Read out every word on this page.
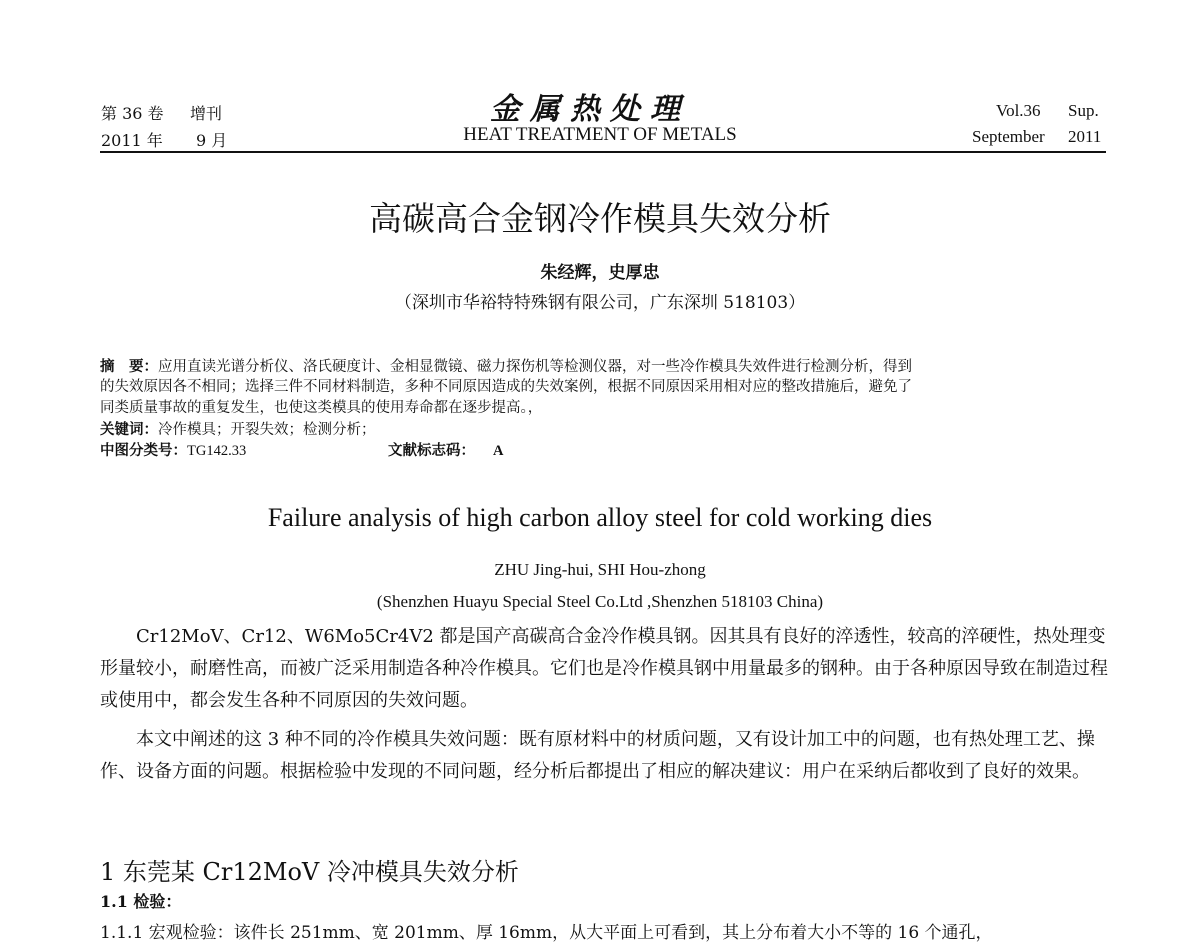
第 36 卷 增刊
2011 年 9 月
金属热处理
HEAT TREATMENT OF METALS
Vol.36 Sup.
September 2011
高碳高合金钢冷作模具失效分析
朱经辉，史厚忠
（深圳市华裕特特殊钢有限公司，广东深圳 518103）
摘　要：应用直读光谱分析仪、洛氏硬度计、金相显微镜、磁力探伤机等检测仪器，对一些冷作模具失效件进行检测分析，得到
的失效原因各不相同；选择三件不同材料制造，多种不同原因造成的失效案例，根据不同原因采用相对应的整改措施后，避免了
同类质量事故的重复发生，也使这类模具的使用寿命都在逐步提高。，
关键词：冷作模具；开裂失效；检测分析；
中图分类号：TG142.33	文献标志码： A
Failure analysis of high carbon alloy steel for cold working dies
ZHU Jing-hui, SHI Hou-zhong
(Shenzhen Huayu Special Steel Co.Ltd ,Shenzhen 518103 China)
Cr12MoV、Cr12、W6Mo5Cr4V2 都是国产高碳高合金冷作模具钢。因其具有良好的淬透性，较高的淬硬性，热处理变形量较小，耐磨性高，而被广泛采用制造各种冷作模具。它们也是冷作模具钢中用量最多的钢种。由于各种原因导致在制造过程或使用中，都会发生各种不同原因的失效问题。
本文中阐述的这 3 种不同的冷作模具失效问题：既有原材料中的材质问题，又有设计加工中的问题，也有热处理工艺、操作、设备方面的问题。根据检验中发现的不同问题，经分析后都提出了相应的解决建议：用户在采纳后都收到了良好的效果。
1 东莞某 Cr12MoV 冷冲模具失效分析
1.1 检验：
1.1.1 宏观检验：该件长 251mm、宽 201mm、厚 16mm，从大平面上可看到，其上分布着大小不等的 16 个通孔，
